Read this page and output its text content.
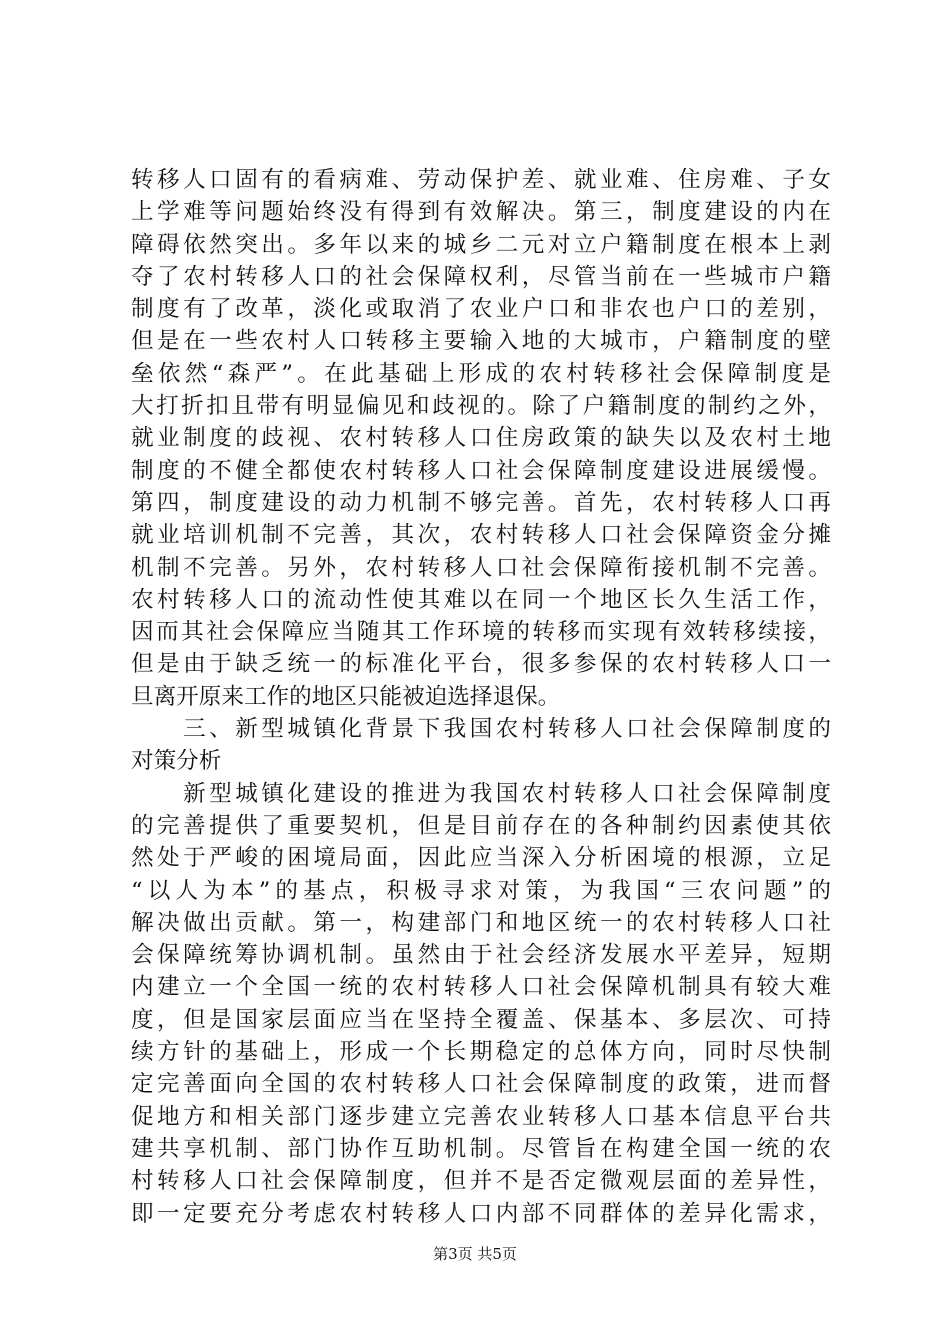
转移人口固有的看病难、劳动保护差、就业难、住房难、子女
上学难等问题始终没有得到有效解决。第三，制度建设的内在
障碍依然突出。多年以来的城乡二元对立户籍制度在根本上剥
夺了农村转移人口的社会保障权利，尽管当前在一些城市户籍
制度有了改革，淡化或取消了农业户口和非农也户口的差别，
但是在一些农村人口转移主要输入地的大城市，户籍制度的壁
垒依然“森严”。在此基础上形成的农村转移社会保障制度是
大打折扣且带有明显偏见和歧视的。除了户籍制度的制约之外，
就业制度的歧视、农村转移人口住房政策的缺失以及农村土地
制度的不健全都使农村转移人口社会保障制度建设进展缓慢。
第四，制度建设的动力机制不够完善。首先，农村转移人口再
就业培训机制不完善，其次，农村转移人口社会保障资金分摊
机制不完善。另外，农村转移人口社会保障衔接机制不完善。
农村转移人口的流动性使其难以在同一个地区长久生活工作，
因而其社会保障应当随其工作环境的转移而实现有效转移续接，
但是由于缺乏统一的标准化平台，很多参保的农村转移人口一
旦离开原来工作的地区只能被迫选择退保。
　　三、新型城镇化背景下我国农村转移人口社会保障制度的
对策分析
　　新型城镇化建设的推进为我国农村转移人口社会保障制度
的完善提供了重要契机，但是目前存在的各种制约因素使其依
然处于严峻的困境局面，因此应当深入分析困境的根源，立足
“以人为本”的基点，积极寻求对策，为我国“三农问题”的
解决做出贡献。第一，构建部门和地区统一的农村转移人口社
会保障统筹协调机制。虽然由于社会经济发展水平差异，短期
内建立一个全国一统的农村转移人口社会保障机制具有较大难
度，但是国家层面应当在坚持全覆盖、保基本、多层次、可持
续方针的基础上，形成一个长期稳定的总体方向，同时尽快制
定完善面向全国的农村转移人口社会保障制度的政策，进而督
促地方和相关部门逐步建立完善农业转移人口基本信息平台共
建共享机制、部门协作互助机制。尽管旨在构建全国一统的农
村转移人口社会保障制度，但并不是否定微观层面的差异性，
即一定要充分考虑农村转移人口内部不同群体的差异化需求，
第3页 共5页
